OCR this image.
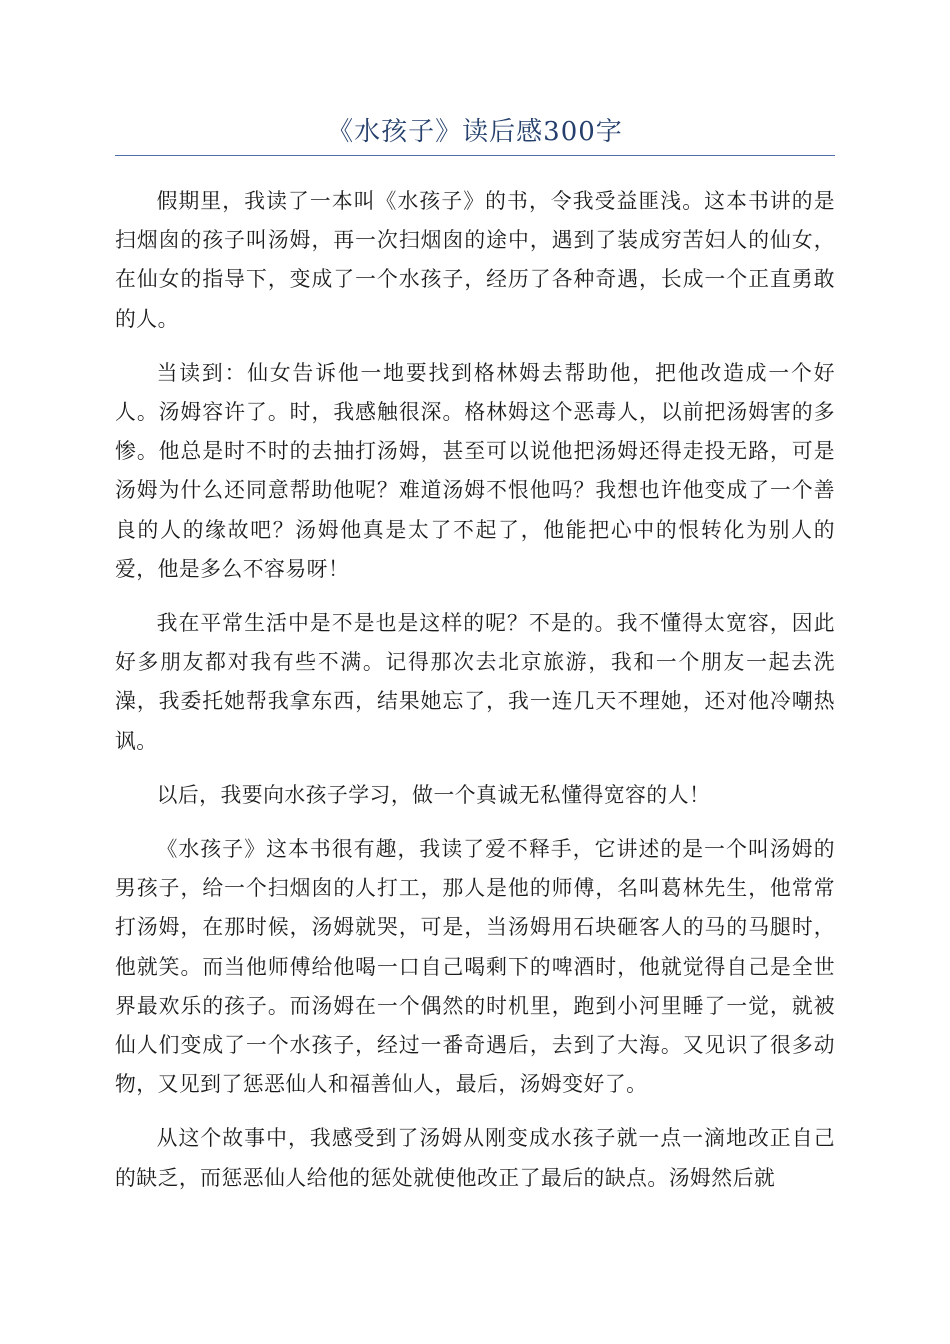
《水孩子》读后感300字

假期里，我读了一本叫《水孩子》的书，令我受益匪浅。这本书讲的是扫烟囱的孩子叫汤姆，再一次扫烟囱的途中，遇到了装成穷苦妇人的仙女，在仙女的指导下，变成了一个水孩子，经历了各种奇遇，长成一个正直勇敢的人。

当读到：仙女告诉他一地要找到格林姆去帮助他，把他改造成一个好人。汤姆容许了。时，我感触很深。格林姆这个恶毒人，以前把汤姆害的多惨。他总是时不时的去抽打汤姆，甚至可以说他把汤姆还得走投无路，可是汤姆为什么还同意帮助他呢？难道汤姆不恨他吗？我想也许他变成了一个善良的人的缘故吧？汤姆他真是太了不起了，他能把心中的恨转化为别人的爱，他是多么不容易呀！

我在平常生活中是不是也是这样的呢？不是的。我不懂得太宽容，因此好多朋友都对我有些不满。记得那次去北京旅游，我和一个朋友一起去洗澡，我委托她帮我拿东西，结果她忘了，我一连几天不理她，还对他冷嘲热讽。

以后，我要向水孩子学习，做一个真诚无私懂得宽容的人！

《水孩子》这本书很有趣，我读了爱不释手，它讲述的是一个叫汤姆的男孩子，给一个扫烟囱的人打工，那人是他的师傅，名叫葛林先生，他常常打汤姆，在那时候，汤姆就哭，可是，当汤姆用石块砸客人的马的马腿时，他就笑。而当他师傅给他喝一口自己喝剩下的啤酒时，他就觉得自己是全世界最欢乐的孩子。而汤姆在一个偶然的时机里，跑到小河里睡了一觉，就被仙人们变成了一个水孩子，经过一番奇遇后，去到了大海。又见识了很多动物，又见到了惩恶仙人和福善仙人，最后，汤姆变好了。

从这个故事中，我感受到了汤姆从刚变成水孩子就一点一滴地改正自己的缺乏，而惩恶仙人给他的惩处就使他改正了最后的缺点。汤姆然后就
